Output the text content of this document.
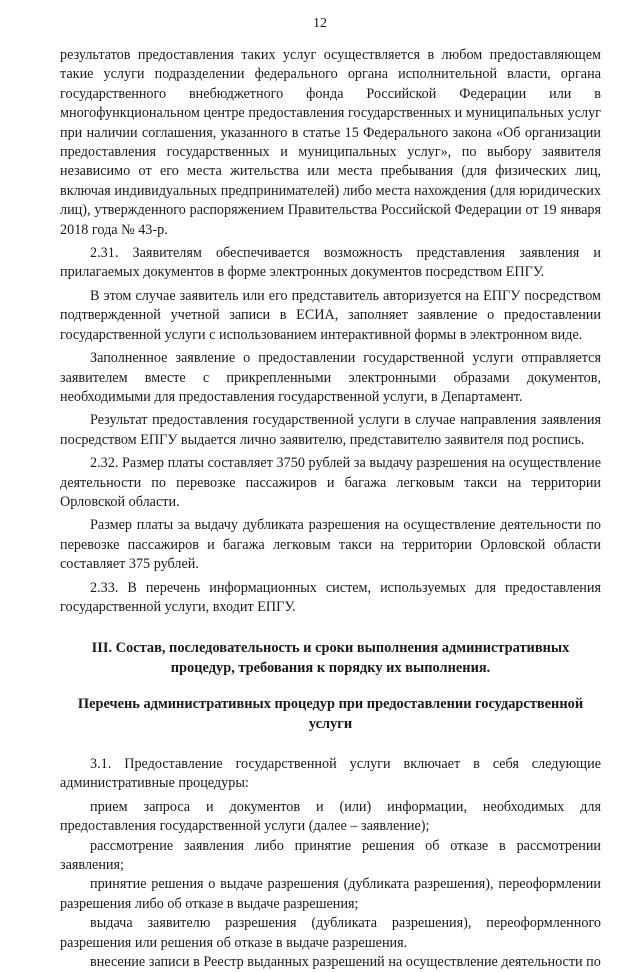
12

результатов предоставления таких услуг осуществляется в любом предоставляющем такие услуги подразделении федерального органа исполнительной власти, органа государственного внебюджетного фонда Российской Федерации или в многофункциональном центре предоставления государственных и муниципальных услуг при наличии соглашения, указанного в статье 15 Федерального закона «Об организации предоставления государственных и муниципальных услуг», по выбору заявителя независимо от его места жительства или места пребывания (для физических лиц, включая индивидуальных предпринимателей) либо места нахождения (для юридических лиц), утвержденного распоряжением Правительства Российской Федерации от 19 января 2018 года № 43-р.

2.31. Заявителям обеспечивается возможность представления заявления и прилагаемых документов в форме электронных документов посредством ЕПГУ.

В этом случае заявитель или его представитель авторизуется на ЕПГУ посредством подтвержденной учетной записи в ЕСИА, заполняет заявление о предоставлении государственной услуги с использованием интерактивной формы в электронном виде.

Заполненное заявление о предоставлении государственной услуги отправляется заявителем вместе с прикрепленными электронными образами документов, необходимыми для предоставления государственной услуги, в Департамент.

Результат предоставления государственной услуги в случае направления заявления посредством ЕПГУ выдается лично заявителю, представителю заявителя под роспись.

2.32. Размер платы составляет 3750 рублей за выдачу разрешения на осуществление деятельности по перевозке пассажиров и багажа легковым такси на территории Орловской области.

Размер платы за выдачу дубликата разрешения на осуществление деятельности по перевозке пассажиров и багажа легковым такси на территории Орловской области составляет 375 рублей.

2.33. В перечень информационных систем, используемых для предоставления государственной услуги, входит ЕПГУ.

III. Состав, последовательность и сроки выполнения административных процедур, требования к порядку их выполнения.
Перечень административных процедур при предоставлении государственной услуги

3.1. Предоставление государственной услуги включает в себя следующие административные процедуры:

прием запроса и документов и (или) информации, необходимых для предоставления государственной услуги (далее – заявление);

рассмотрение заявления либо принятие решения об отказе в рассмотрении заявления;

принятие решения о выдаче разрешения (дубликата разрешения), переоформлении разрешения либо об отказе в выдаче разрешения;

выдача заявителю разрешения (дубликата разрешения), переоформленного разрешения или решения об отказе в выдаче разрешения.

внесение записи в Реестр выданных разрешений на осуществление деятельности по
